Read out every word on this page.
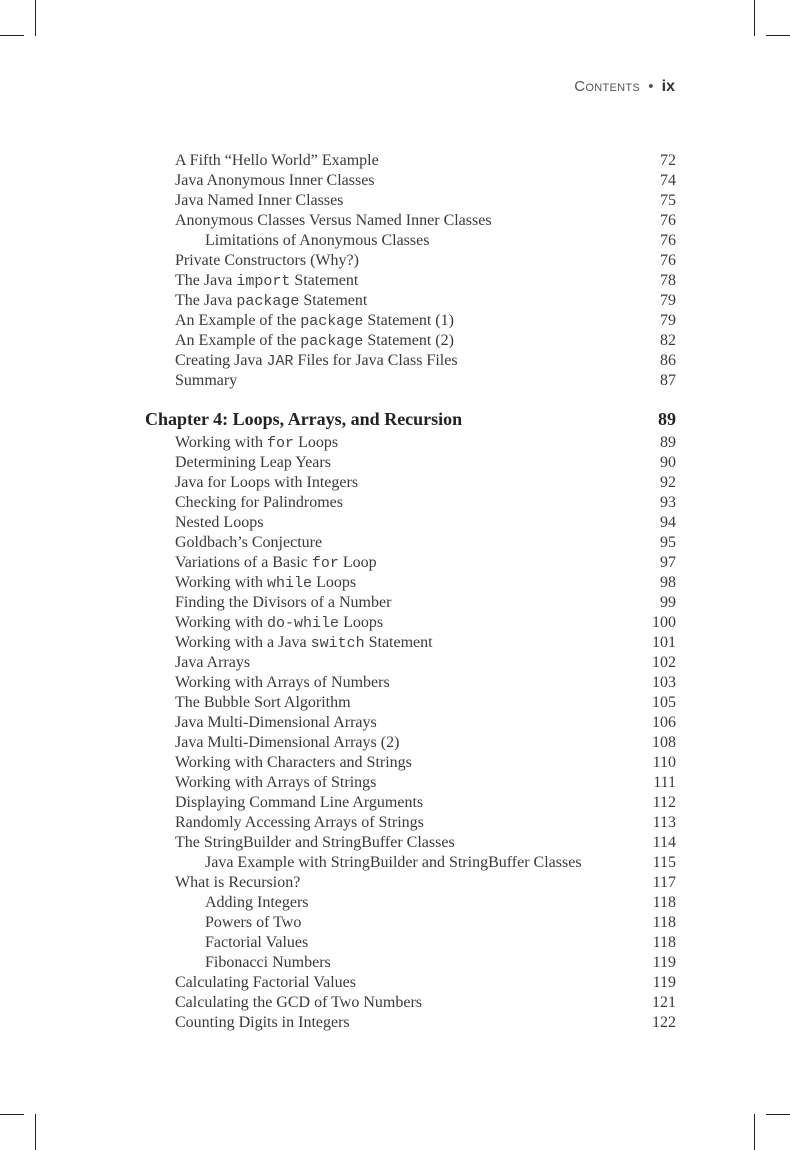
Contents • ix
A Fifth “Hello World” Example	72
Java Anonymous Inner Classes	74
Java Named Inner Classes	75
Anonymous Classes Versus Named Inner Classes	76
Limitations of Anonymous Classes	76
Private Constructors (Why?)	76
The Java import Statement	78
The Java package Statement	79
An Example of the package Statement (1)	79
An Example of the package Statement (2)	82
Creating Java JAR Files for Java Class Files	86
Summary	87
Chapter 4: Loops, Arrays, and Recursion	89
Working with for Loops	89
Determining Leap Years	90
Java for Loops with Integers	92
Checking for Palindromes	93
Nested Loops	94
Goldbach’s Conjecture	95
Variations of a Basic for Loop	97
Working with while Loops	98
Finding the Divisors of a Number	99
Working with do-while Loops	100
Working with a Java switch Statement	101
Java Arrays	102
Working with Arrays of Numbers	103
The Bubble Sort Algorithm	105
Java Multi-Dimensional Arrays	106
Java Multi-Dimensional Arrays (2)	108
Working with Characters and Strings	110
Working with Arrays of Strings	111
Displaying Command Line Arguments	112
Randomly Accessing Arrays of Strings	113
The StringBuilder and StringBuffer Classes	114
Java Example with StringBuilder and StringBuffer Classes	115
What is Recursion?	117
Adding Integers	118
Powers of Two	118
Factorial Values	118
Fibonacci Numbers	119
Calculating Factorial Values	119
Calculating the GCD of Two Numbers	121
Counting Digits in Integers	122
